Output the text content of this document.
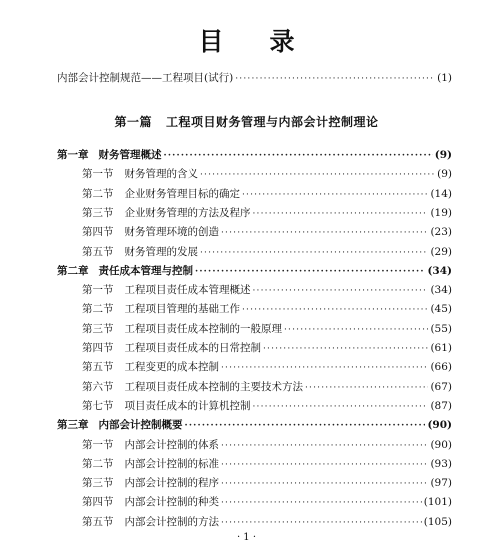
目 录
内部会计控制规范——工程项目(试行) ·····	(1)
第一篇 工程项目财务管理与内部会计控制理论
第一章 财务管理概述 ·····	(9)
第一节 财务管理的含义 ·····	(9)
第二节 企业财务管理目标的确定 ·····	(14)
第三节 企业财务管理的方法及程序 ·····	(19)
第四节 财务管理环境的创造 ·····	(23)
第五节 财务管理的发展 ·····	(29)
第二章 责任成本管理与控制 ·····	(34)
第一节 工程项目责任成本管理概述 ·····	(34)
第二节 工程项目管理的基础工作 ·····	(45)
第三节 工程项目责任成本控制的一般原理 ·····	(55)
第四节 工程项目责任成本的日常控制 ·····	(61)
第五节 工程变更的成本控制 ·····	(66)
第六节 工程项目责任成本控制的主要技术方法 ·····	(67)
第七节 项目责任成本的计算机控制 ·····	(87)
第三章 内部会计控制概要 ·····	(90)
第一节 内部会计控制的体系 ·····	(90)
第二节 内部会计控制的标准 ·····	(93)
第三节 内部会计控制的程序 ·····	(97)
第四节 内部会计控制的种类 ·····	(101)
第五节 内部会计控制的方法 ·····	(105)
· 1 ·
